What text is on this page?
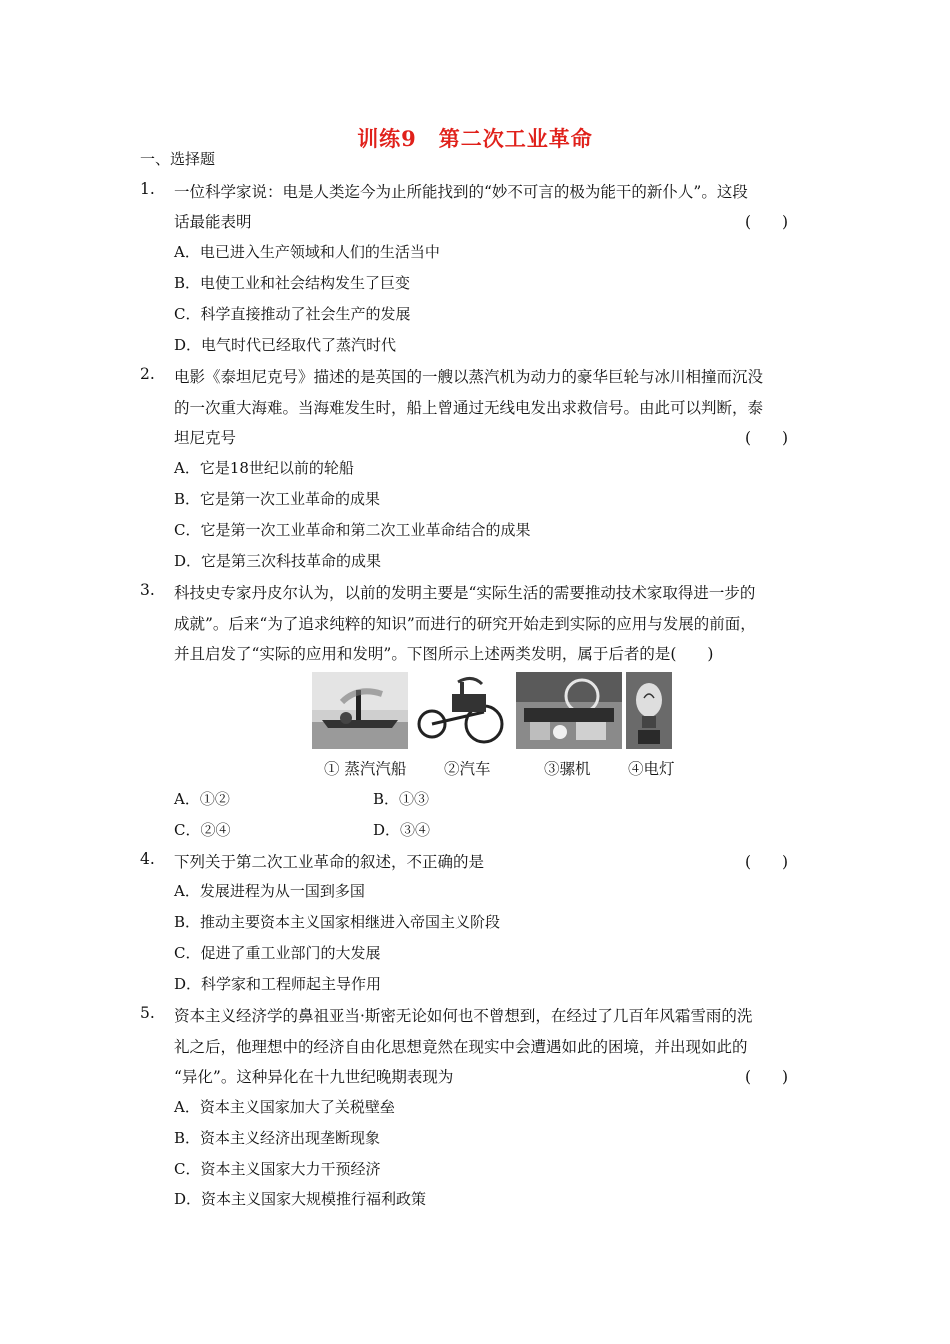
训练9　第二次工业革命
一、选择题
1. 一位科学家说：电是人类迄今为止所能找到的“妙不可言的极为能干的新仆人”。这段
话最能表明	(　　)
A．电已进入生产领域和人们的生活当中
B．电使工业和社会结构发生了巨变
C．科学直接推动了社会生产的发展
D．电气时代已经取代了蒸汽时代
2. 电影《泰坦尼克号》描述的是英国的一艘以蒸汽机为动力的豪华巨轮与冰川相撞而沉没
的一次重大海难。当海难发生时，船上曾通过无线电发出求救信号。由此可以判断，泰
坦尼克号	(　　)
A．它是18世纪以前的轮船
B．它是第一次工业革命的成果
C．它是第一次工业革命和第二次工业革命结合的成果
D．它是第三次科技革命的成果
3. 科技史专家丹皮尔认为，以前的发明主要是“实际生活的需要推动技术家取得进一步的
成就”。后来“为了追求纯粹的知识”而进行的研究开始走到实际的应用与发展的前面，
并且启发了“实际的应用和发明”。下图所示上述两类发明，属于后者的是(　　)
① 蒸汽汽船 ②汽车	③骡机 ④电灯
A．①②	B．①③
C．②④	D．③④
4. 下列关于第二次工业革命的叙述，不正确的是	(　　)
A．发展进程为从一国到多国
B．推动主要资本主义国家相继进入帝国主义阶段
C．促进了重工业部门的大发展
D．科学家和工程师起主导作用
5. 资本主义经济学的鼻祖亚当·斯密无论如何也不曾想到，在经过了几百年风霜雪雨的洗
礼之后，他理想中的经济自由化思想竟然在现实中会遭遇如此的困境，并出现如此的
“异化”。这种异化在十九世纪晚期表现为	(　　)
A．资本主义国家加大了关税壁垒
B．资本主义经济出现垄断现象
C．资本主义国家大力干预经济
D．资本主义国家大规模推行福利政策
